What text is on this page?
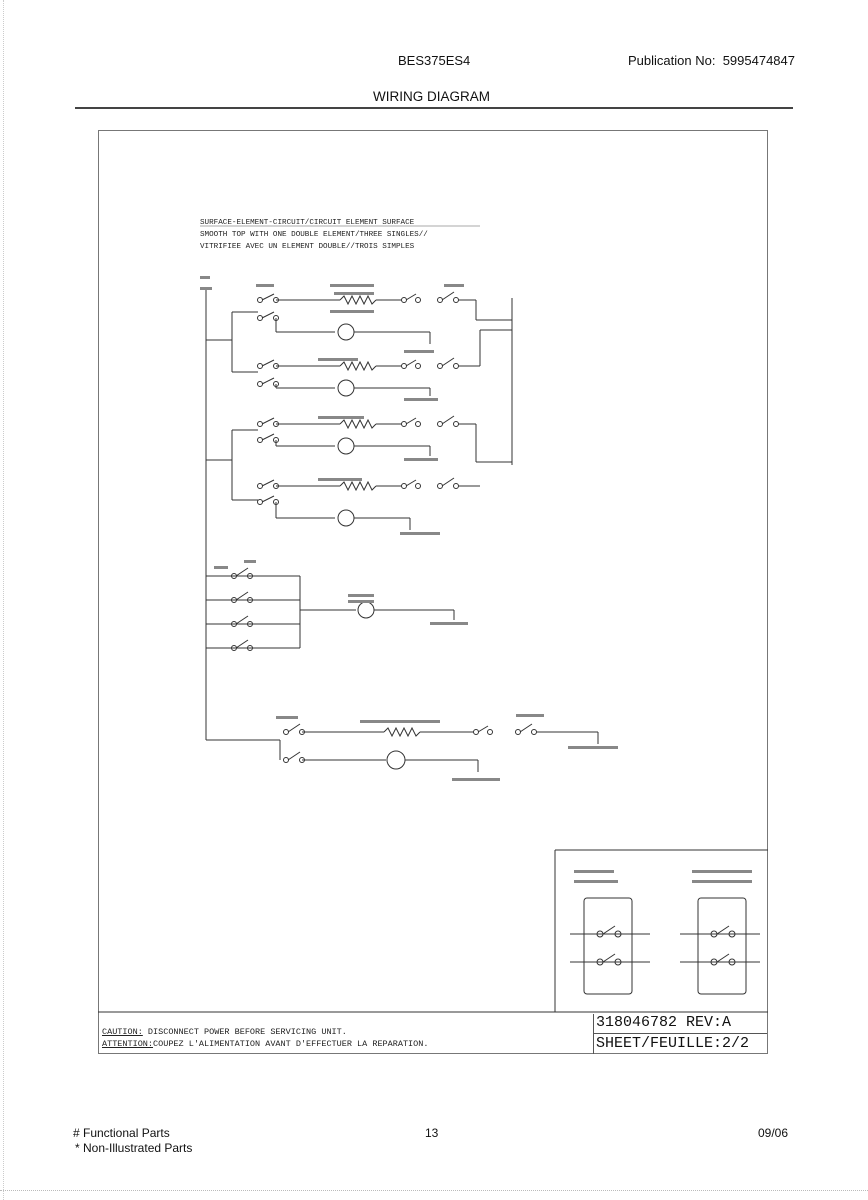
BES375ES4	Publication No: 5995474847
WIRING DIAGRAM
SURFACE-ELEMENT-CIRCUIT/CIRCUIT ELEMENT SURFACE
SMOOTH TOP WITH ONE DOUBLE ELEMENT/THREE SINGLES//
VITRIFIEE AVEC UN ELEMENT DOUBLE//TROIS SIMPLES
CAUTION: DISCONNECT POWER BEFORE SERVICING UNIT.
ATTENTION:COUPEZ L'ALIMENTATION AVANT D'EFFECTUER LA REPARATION.
318046782 REV:A
SHEET/FEUILLE:2/2
# Functional Parts
* Non-Illustrated Parts
13	09/06
